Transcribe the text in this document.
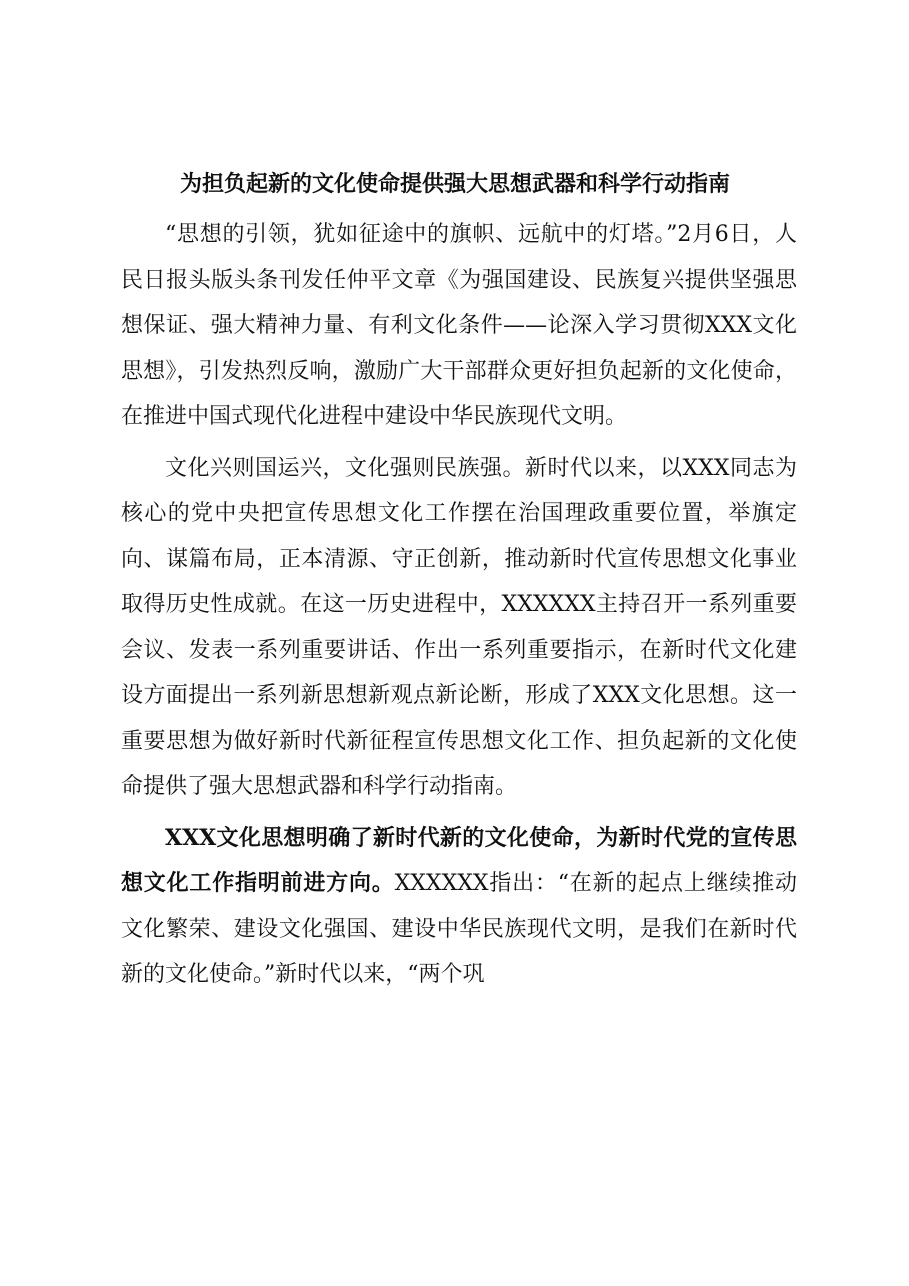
为担负起新的文化使命提供强大思想武器和科学行动指南

“思想的引领，犹如征途中的旗帜、远航中的灯塔。”2月6日，人民日报头版头条刊发任仲平文章《为强国建设、民族复兴提供坚强思想保证、强大精神力量、有利文化条件——论深入学习贯彻XXX文化思想》，引发热烈反响，激励广大干部群众更好担负起新的文化使命，在推进中国式现代化进程中建设中华民族现代文明。

文化兴则国运兴，文化强则民族强。新时代以来，以XXX同志为核心的党中央把宣传思想文化工作摆在治国理政重要位置，举旗定向、谋篇布局，正本清源、守正创新，推动新时代宣传思想文化事业取得历史性成就。在这一历史进程中，XXXXXX主持召开一系列重要会议、发表一系列重要讲话、作出一系列重要指示，在新时代文化建设方面提出一系列新思想新观点新论断，形成了XXX文化思想。这一重要思想为做好新时代新征程宣传思想文化工作、担负起新的文化使命提供了强大思想武器和科学行动指南。

XXX文化思想明确了新时代新的文化使命，为新时代党的宣传思想文化工作指明前进方向。XXXXXX指出：“在新的起点上继续推动文化繁荣、建设文化强国、建设中华民族现代文明，是我们在新时代新的文化使命。”新时代以来，“两个巩
